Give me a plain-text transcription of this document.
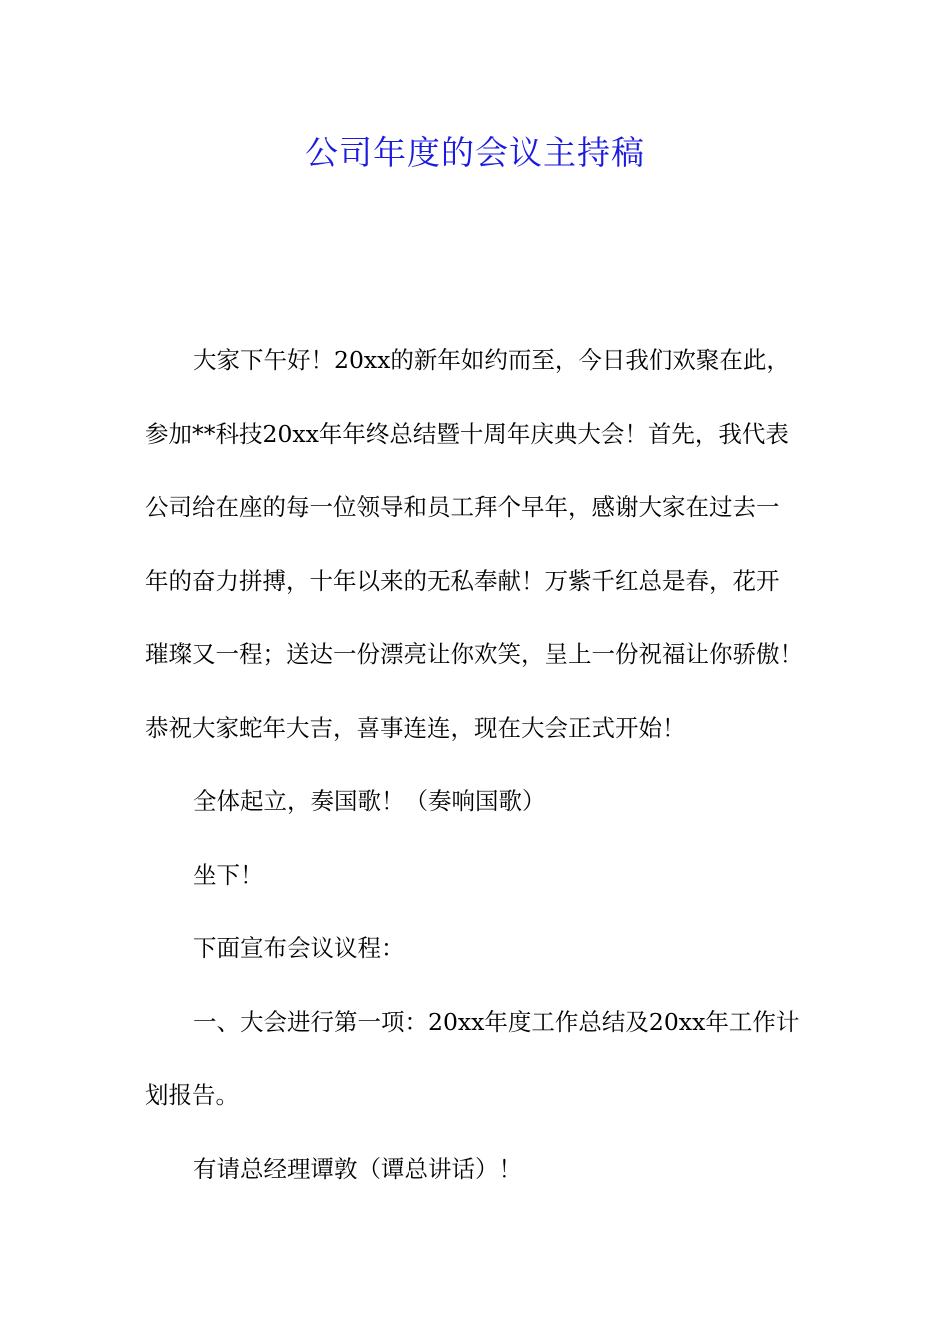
公司年度的会议主持稿
大家下午好！20xx的新年如约而至，今日我们欢聚在此，
参加**科技20xx年年终总结暨十周年庆典大会！首先，我代表
公司给在座的每一位领导和员工拜个早年，感谢大家在过去一
年的奋力拼搏，十年以来的无私奉献！万紫千红总是春，花开
璀璨又一程；送达一份漂亮让你欢笑，呈上一份祝福让你骄傲！
恭祝大家蛇年大吉，喜事连连，现在大会正式开始！
全体起立，奏国歌！（奏响国歌）
坐下！
下面宣布会议议程：
一、大会进行第一项：20xx年度工作总结及20xx年工作计
划报告。
有请总经理谭敦（谭总讲话）！
